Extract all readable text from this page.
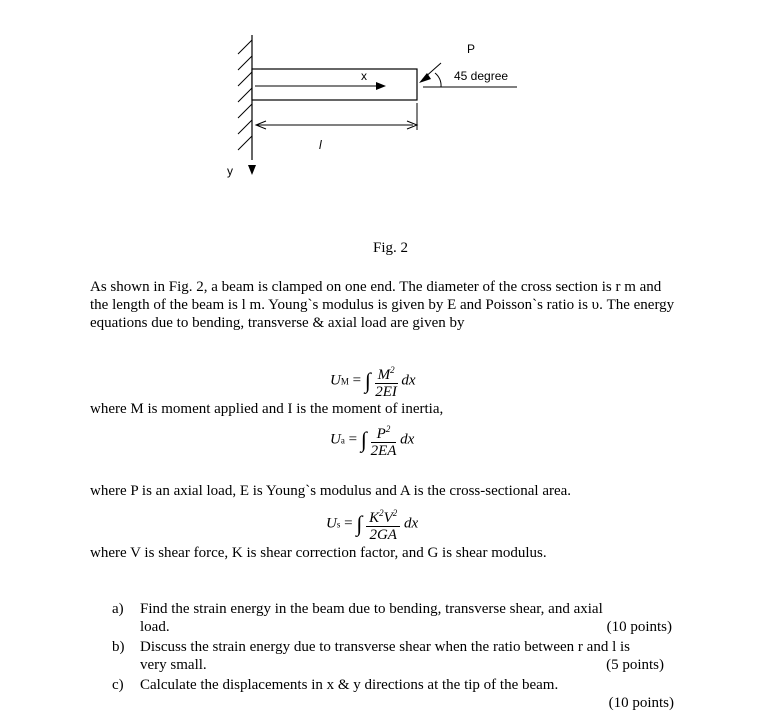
x
P
45 degree
l
y
Fig. 2
As shown in Fig. 2, a beam is clamped on one end. The diameter of the cross section is r m and the length of the beam is l m. Young`s modulus is given by E and Poisson`s ratio is υ. The energy equations due to bending, transverse & axial load are given by
UM = ∫ $\frac{M^2}{2EI}$ dx
where M is moment applied and I is the moment of inertia,
Ua = ∫ $\frac{P^2}{2EA}$ dx
where P is an axial load, E is Young`s modulus and A is the cross-sectional area.
Us = ∫ $\frac{K^2V^2}{2GA}$ dx
where V is shear force, K is shear correction factor, and G is shear modulus.
a) Find the strain energy in the beam due to bending, transverse shear, and axial
load.	(10 points)
b) Discuss the strain energy due to transverse shear when the ratio between r and l is
very small.	(5 points)
c) Calculate the displacements in x & y directions at the tip of the beam.
(10 points)
